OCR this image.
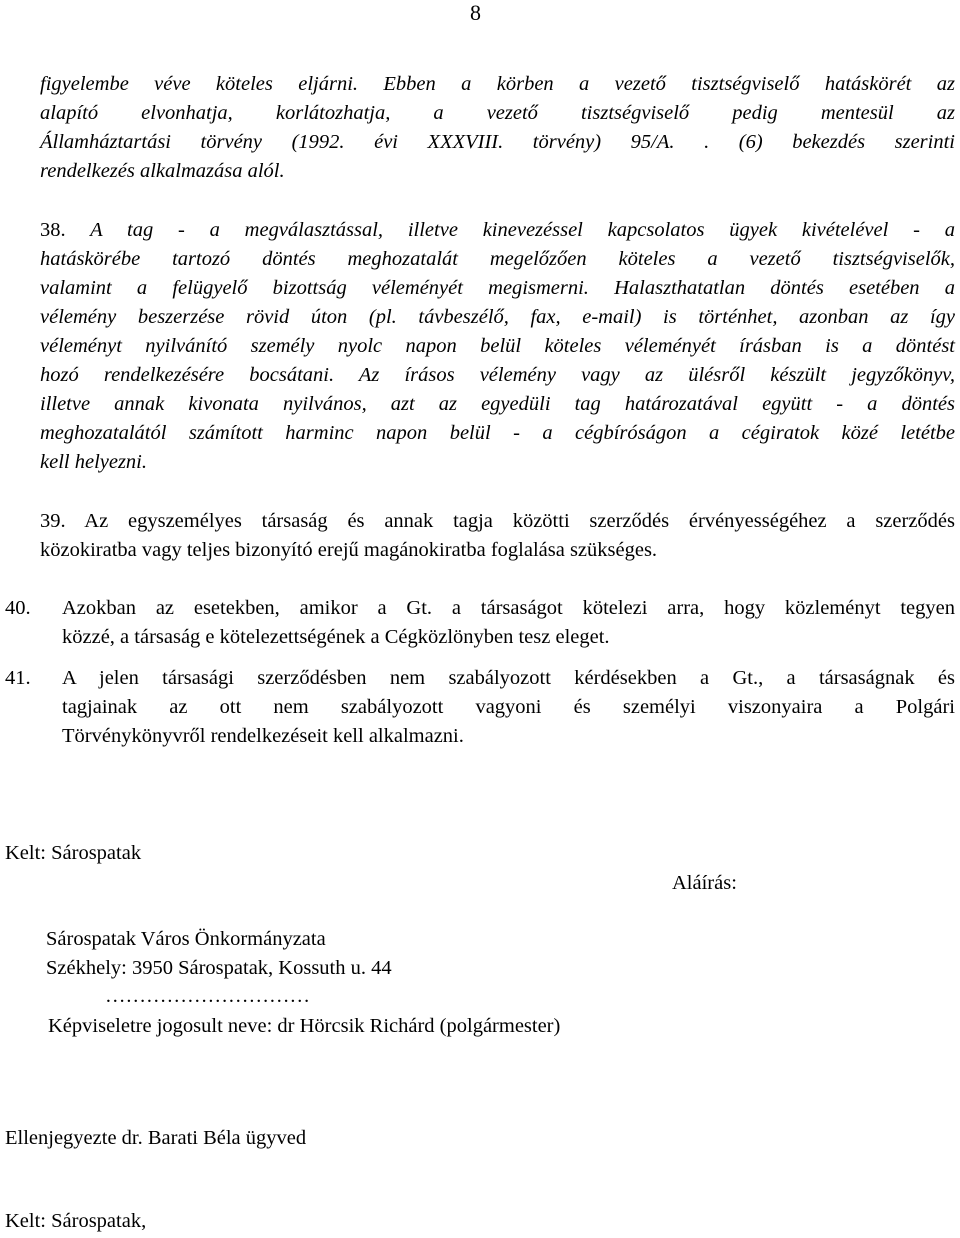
8
figyelembe véve köteles eljárni. Ebben a körben a vezető tisztségviselő hatáskörét az
alapító elvonhatja, korlátozhatja, a vezető tisztségviselő pedig mentesül az
Államháztartási törvény (1992. évi XXXVIII. törvény) 95/A. . (6) bekezdés szerinti
rendelkezés alkalmazása alól.
38. A tag - a megválasztással, illetve kinevezéssel kapcsolatos ügyek kivételével - a
hatáskörébe tartozó döntés meghozatalát megelőzően köteles a vezető tisztségviselők,
valamint a felügyelő bizottság véleményét megismerni. Halaszthatatlan döntés esetében a
vélemény beszerzése rövid úton (pl. távbeszélő, fax, e-mail) is történhet, azonban az így
véleményt nyilvánító személy nyolc napon belül köteles véleményét írásban is a döntést
hozó rendelkezésére bocsátani. Az írásos vélemény vagy az ülésről készült jegyzőkönyv,
illetve annak kivonata nyilvános, azt az egyedüli tag határozatával együtt - a döntés
meghozatalától számított harminc napon belül - a cégbíróságon a cégiratok közé letétbe
kell helyezni.
39. Az egyszemélyes társaság és annak tagja közötti szerződés érvényességéhez a szerződés
közokiratba vagy teljes bizonyító erejű magánokiratba foglalása szükséges.
40. Azokban az esetekben, amikor a Gt. a társaságot kötelezi arra, hogy közleményt tegyen
közzé, a társaság e kötelezettségének a Cégközlönyben tesz eleget.
41. A jelen társasági szerződésben nem szabályozott kérdésekben a Gt., a társaságnak és
tagjainak az ott nem szabályozott vagyoni és személyi viszonyaira a Polgári
Törvénykönyvről rendelkezéseit kell alkalmazni.
Kelt: Sárospatak
Aláírás:
Sárospatak Város Önkormányzata
Székhely: 3950 Sárospatak, Kossuth u. 44
…………………………
Képviseletre jogosult neve: dr Hörcsik Richárd (polgármester)
Ellenjegyezte dr. Barati Béla ügyved
Kelt: Sárospatak,
